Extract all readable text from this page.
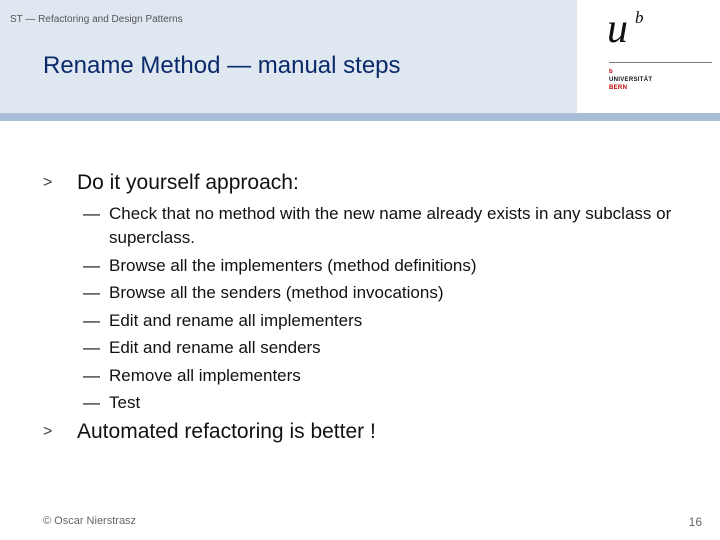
ST — Refactoring and Design Patterns
Rename Method — manual steps
u b
b
UNIVERSITÄT
BERN
> Do it yourself approach:
— Check that no method with the new name already exists in any subclass or superclass.
— Browse all the implementers (method definitions)
— Browse all the senders (method invocations)
— Edit and rename all implementers
— Edit and rename all senders
— Remove all implementers
— Test
> Automated refactoring is better !
© Oscar Nierstrasz	16
